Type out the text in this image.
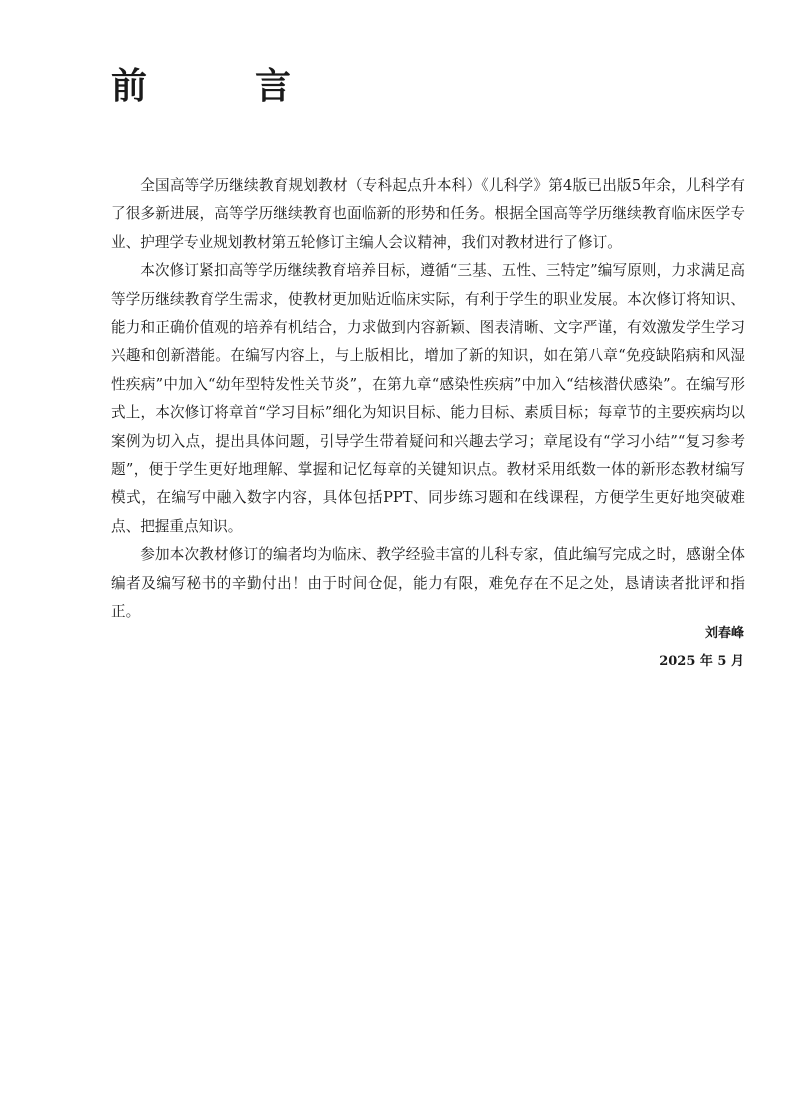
前　言

全国高等学历继续教育规划教材（专科起点升本科）《儿科学》第4版已出版5年余，儿科学有了很多新进展，高等学历继续教育也面临新的形势和任务。根据全国高等学历继续教育临床医学专业、护理学专业规划教材第五轮修订主编人会议精神，我们对教材进行了修订。

本次修订紧扣高等学历继续教育培养目标，遵循“三基、五性、三特定”编写原则，力求满足高等学历继续教育学生需求，使教材更加贴近临床实际，有利于学生的职业发展。本次修订将知识、能力和正确价值观的培养有机结合，力求做到内容新颖、图表清晰、文字严谨，有效激发学生学习兴趣和创新潜能。在编写内容上，与上版相比，增加了新的知识，如在第八章“免疫缺陷病和风湿性疾病”中加入“幼年型特发性关节炎”，在第九章“感染性疾病”中加入“结核潜伏感染”。在编写形式上，本次修订将章首“学习目标”细化为知识目标、能力目标、素质目标；每章节的主要疾病均以案例为切入点，提出具体问题，引导学生带着疑问和兴趣去学习；章尾设有“学习小结”“复习参考题”，便于学生更好地理解、掌握和记忆每章的关键知识点。教材采用纸数一体的新形态教材编写模式，在编写中融入数字内容，具体包括PPT、同步练习题和在线课程，方便学生更好地突破难点、把握重点知识。

参加本次教材修订的编者均为临床、教学经验丰富的儿科专家，值此编写完成之时，感谢全体编者及编写秘书的辛勤付出！由于时间仓促，能力有限，难免存在不足之处，恳请读者批评和指正。

刘春峰
2025 年 5 月
